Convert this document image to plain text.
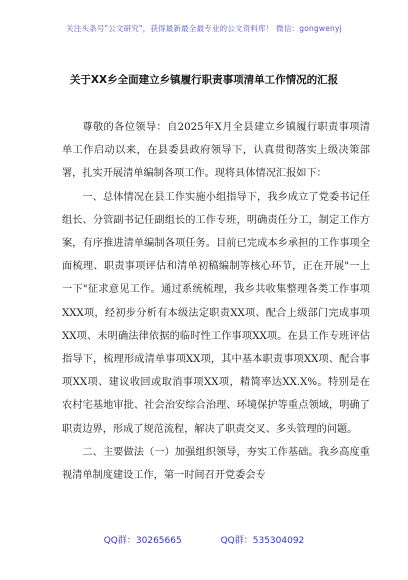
关注头条号"公文研究"，获得最新最全最专业的公文资料库！ 微信：gongwenyj
关于XX乡全面建立乡镇履行职责事项清单工作情况的汇报

尊敬的各位领导：自2025年X月全县建立乡镇履行职责事项清单工作启动以来，在县委县政府领导下，认真贯彻落实上级决策部署，扎实开展清单编制各项工作。现将具体情况汇报如下：

一、总体情况在县工作实施小组指导下，我乡成立了党委书记任组长、分管副书记任副组长的工作专班，明确责任分工，制定工作方案，有序推进清单编制各项任务。目前已完成本乡承担的工作事项全面梳理、职责事项评估和清单初稿编制等核心环节，正在开展"一上一下"征求意见工作。通过系统梳理，我乡共收集整理各类工作事项XXX项，经初步分析有本级法定职责XX项、配合上级部门完成事项XX项、未明确法律依据的临时性工作事项XX项。在县工作专班评估指导下，梳理形成清单事项XX项，其中基本职责事项XX项、配合事项XX项、建议收回或取消事项XX项，精简率达XX.X%。特别是在农村宅基地审批、社会治安综合治理、环境保护等重点领域，明确了职责边界，形成了规范流程，解决了职责交叉、多头管理的问题。

二、主要做法（一）加强组织领导，夯实工作基础。我乡高度重视清单制度建设工作，第一时间召开党委会专

QQ群：30265665	QQ群：535304092
